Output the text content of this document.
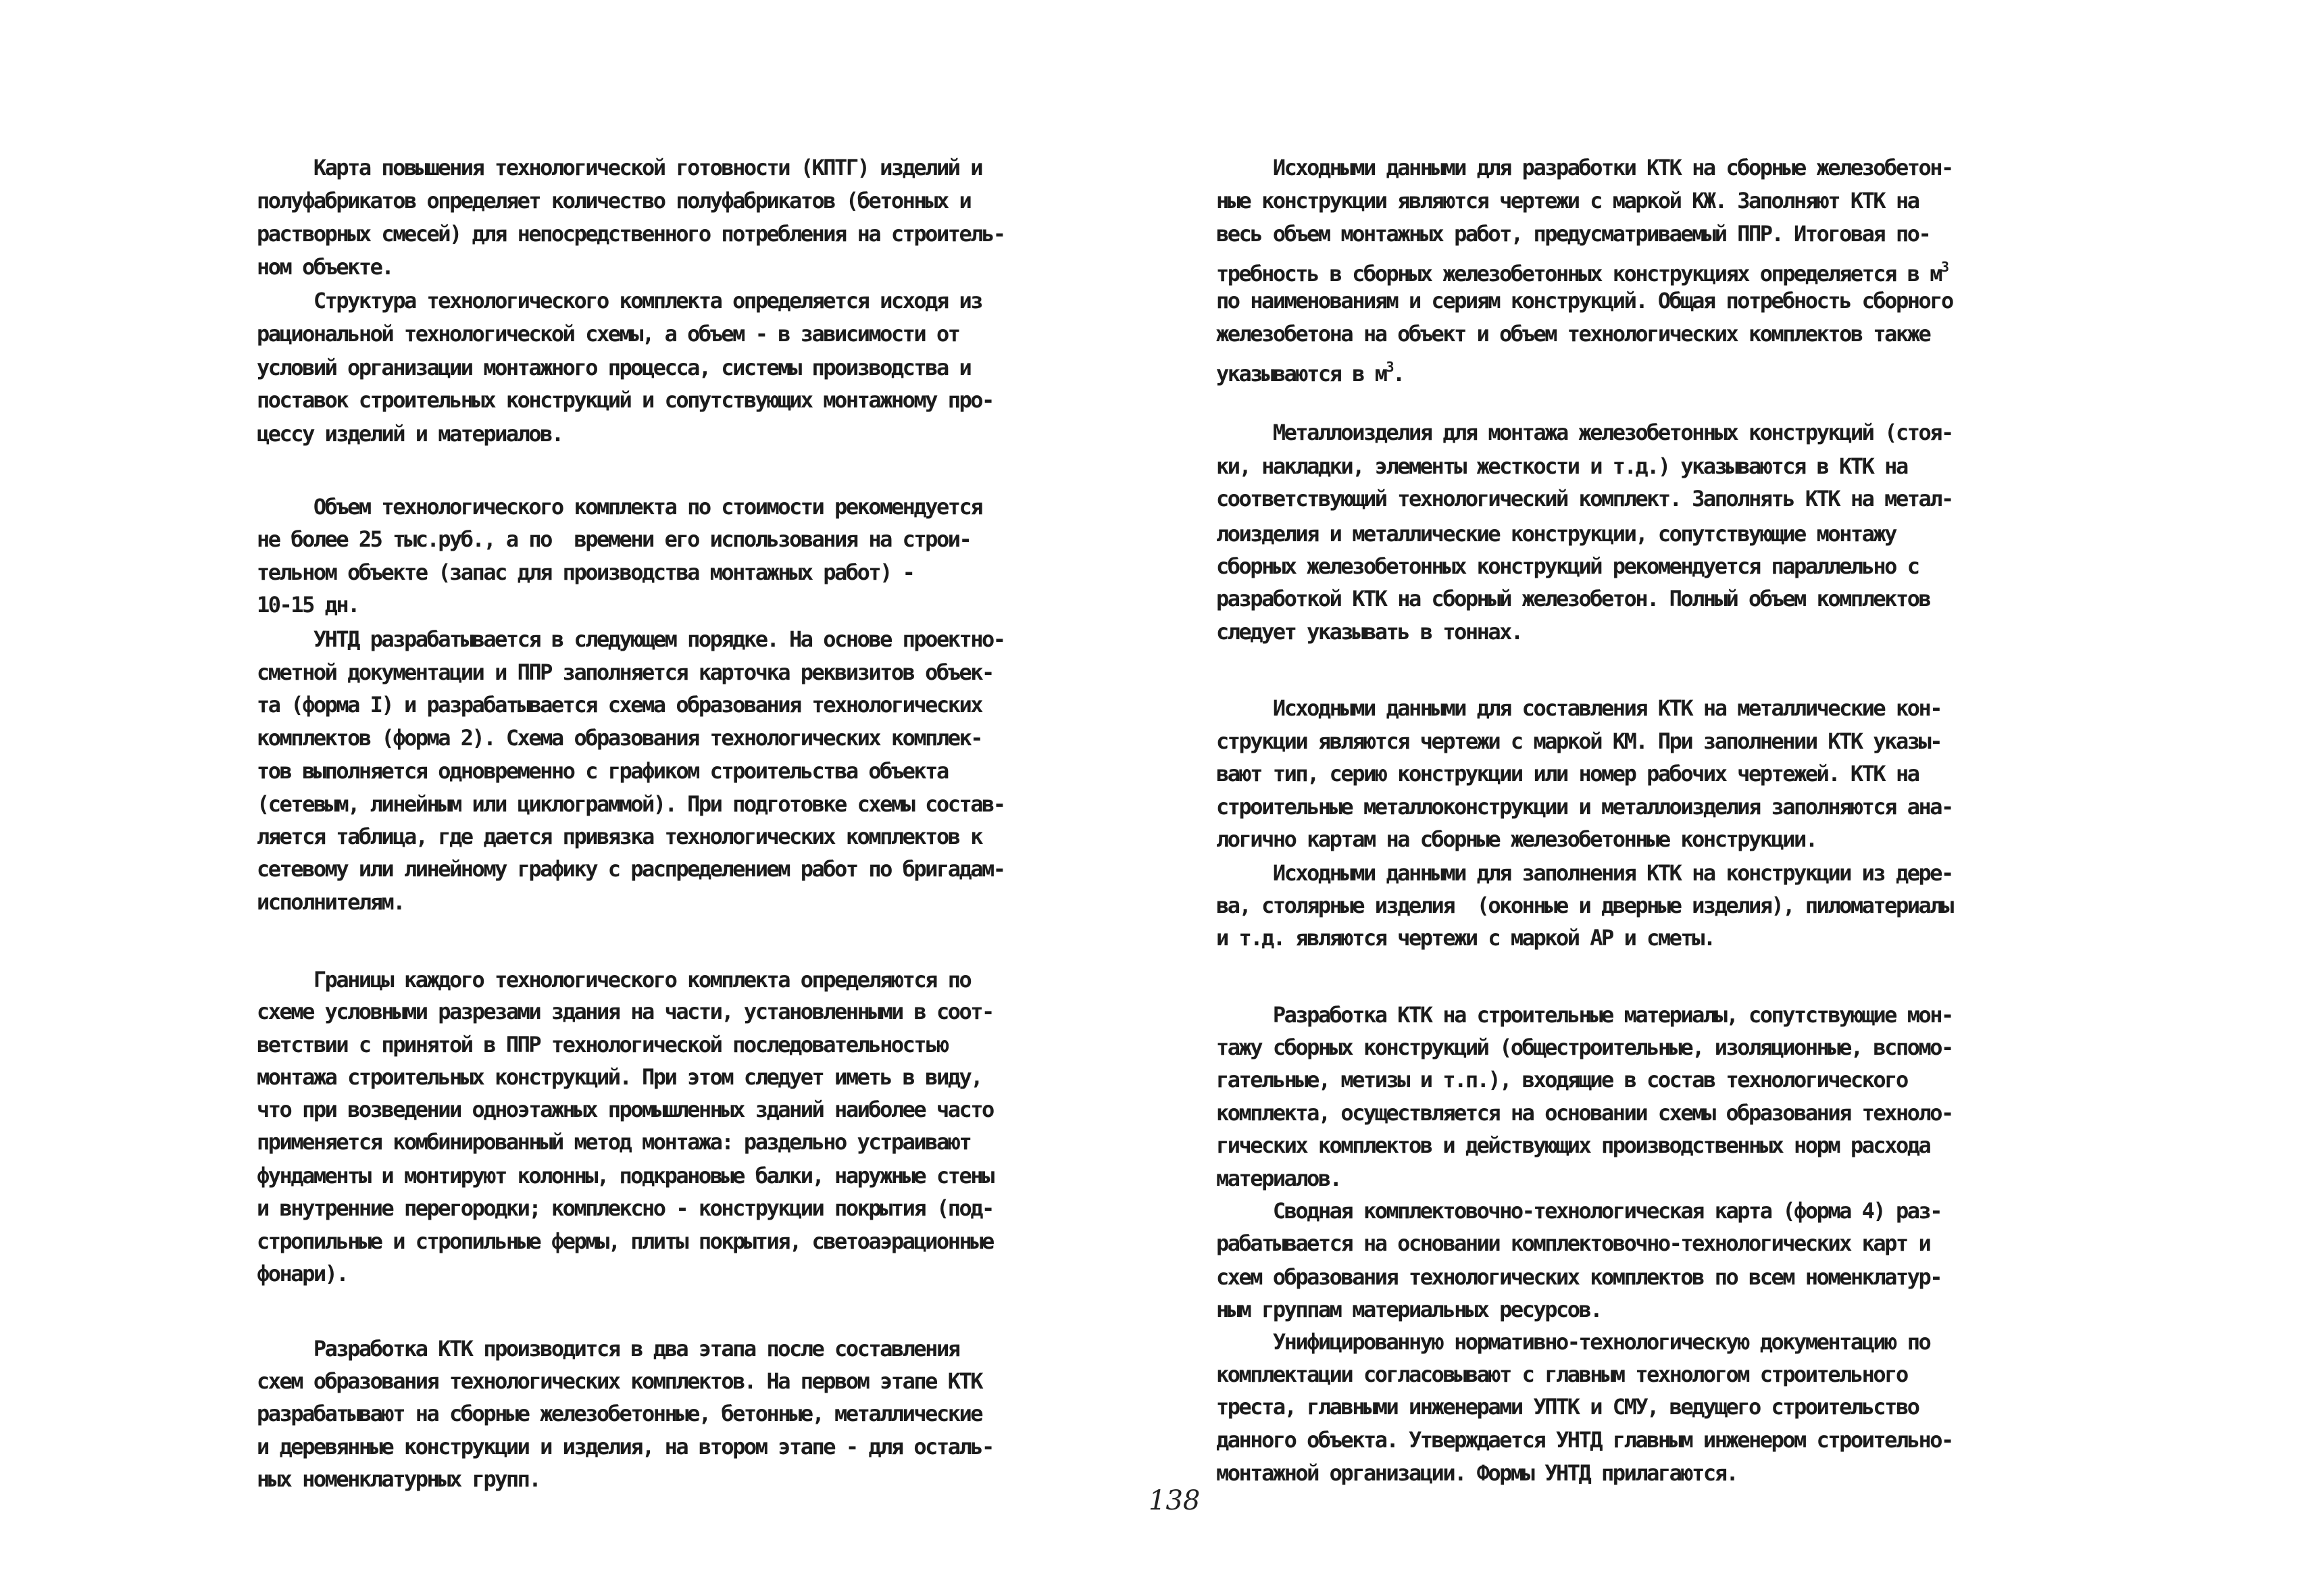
Карта повышения технологической готовности (КПТГ) изделий и
полуфабрикатов определяет количество полуфабрикатов (бетонных и
растворных смесей) для непосредственного потребления на строитель-
ном объекте.
Структура технологического комплекта определяется исходя из
рациональной технологической схемы, а объем - в зависимости от
условий организации монтажного процесса, системы производства и
поставок строительных конструкций и сопутствующих монтажному про-
цессу изделий и материалов.
Объем технологического комплекта по стоимости рекомендуется
не более 25 тыс.руб., а по  времени его использования на строи-
тельном объекте (запас для производства монтажных работ) -
10-15 дн.
УНТД разрабатывается в следующем порядке. На основе проектно-
сметной документации и ППР заполняется карточка реквизитов объек-
та (форма I) и разрабатывается схема образования технологических
комплектов (форма 2). Схема образования технологических комплек-
тов выполняется одновременно с графиком строительства объекта
(сетевым, линейным или циклограммой). При подготовке схемы состав-
ляется таблица, где дается привязка технологических комплектов к
сетевому или линейному графику с распределением работ по бригадам-
исполнителям.
Границы каждого технологического комплекта определяются по
схеме условными разрезами здания на части, установленными в соот-
ветствии с принятой в ППР технологической последовательностью
монтажа строительных конструкций. При этом следует иметь в виду,
что при возведении одноэтажных промышленных зданий наиболее часто
применяется комбинированный метод монтажа: раздельно устраивают
фундаменты и монтируют колонны, подкрановые балки, наружные стены
и внутренние перегородки; комплексно - конструкции покрытия (под-
стропильные и стропильные фермы, плиты покрытия, светоаэрационные
фонари).
Разработка КТК производится в два этапа после составления
схем образования технологических комплектов. На первом этапе КТК
разрабатывают на сборные железобетонные, бетонные, металлические
и деревянные конструкции и изделия, на втором этапе - для осталь-
ных номенклатурных групп.
Исходными данными для разработки КТК на сборные железобетон-
ные конструкции являются чертежи с маркой КЖ. Заполняют КТК на
весь объем монтажных работ, предусматриваемый ППР. Итоговая по-
требность в сборных железобетонных конструкциях определяется в $м^3$
по наименованиям и сериям конструкций. Общая потребность сборного
железобетона на объект и объем технологических комплектов также
указываются в $м^3$.
Металлоизделия для монтажа железобетонных конструкций (стоя-
ки, накладки, элементы жесткости и т.д.) указываются в КТК на
соответствующий технологический комплект. Заполнять КТК на метал-
лоизделия и металлические конструкции, сопутствующие монтажу
сборных железобетонных конструкций рекомендуется параллельно с
разработкой КТК на сборный железобетон. Полный объем комплектов
следует указывать в тоннах.
Исходными данными для составления КТК на металлические кон-
струкции являются чертежи с маркой КМ. При заполнении КТК указы-
вают тип, серию конструкции или номер рабочих чертежей. КТК на
строительные металлоконструкции и металлоизделия заполняются ана-
логично картам на сборные железобетонные конструкции.
Исходными данными для заполнения КТК на конструкции из дере-
ва, столярные изделия  (оконные и дверные изделия), пиломатериалы
и т.д. являются чертежи с маркой АР и сметы.
Разработка КТК на строительные материалы, сопутствующие мон-
тажу сборных конструкций (общестроительные, изоляционные, вспомо-
гательные, метизы и т.п.), входящие в состав технологического
комплекта, осуществляется на основании схемы образования техноло-
гических комплектов и действующих производственных норм расхода
материалов.
Сводная комплектовочно-технологическая карта (форма 4) раз-
рабатывается на основании комплектовочно-технологических карт и
схем образования технологических комплектов по всем номенклатур-
ным группам материальных ресурсов.
Унифицированную нормативно-технологическую документацию по
комплектации согласовывают с главным технологом строительного
треста, главными инженерами УПТК и СМУ, ведущего строительство
данного объекта. Утверждается УНТД главным инженером строительно-
монтажной организации. Формы УНТД прилагаются.
138
